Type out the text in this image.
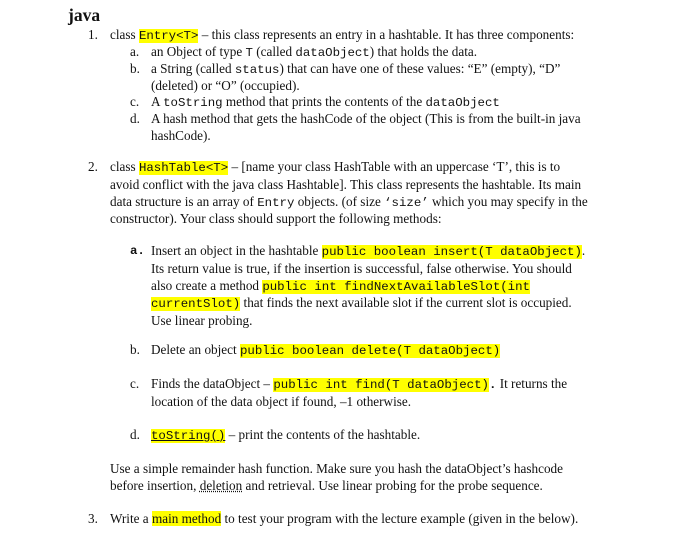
java
1. class Entry<T> – this class represents an entry in a hashtable. It has three components:
a. an Object of type T (called dataObject) that holds the data.
b. a String (called status) that can have one of these values: “E” (empty), “D”
(deleted) or “O” (occupied).
c. A toString method that prints the contents of the dataObject
d. A hash method that gets the hashCode of the object (This is from the built-in java
hashCode).
2. class HashTable<T> – [name your class HashTable with an uppercase ‘T’, this is to
avoid conflict with the java class Hashtable]. This class represents the hashtable. Its main
data structure is an array of Entry objects. (of size ‘size’ which you may specify in the
constructor). Your class should support the following methods:
a. Insert an object in the hashtable public boolean insert(T dataObject).
Its return value is true, if the insertion is successful, false otherwise. You should
also create a method public int findNextAvailableSlot(int
currentSlot) that finds the next available slot if the current slot is occupied.
Use linear probing.
b. Delete an object public boolean delete(T dataObject)
c. Finds the dataObject – public int find(T dataObject). It returns the
location of the data object if found, –1 otherwise.
d. toString() – print the contents of the hashtable.
Use a simple remainder hash function. Make sure you hash the dataObject’s hashcode
before insertion, deletion and retrieval. Use linear probing for the probe sequence.
3. Write a main method to test your program with the lecture example (given in the below).
